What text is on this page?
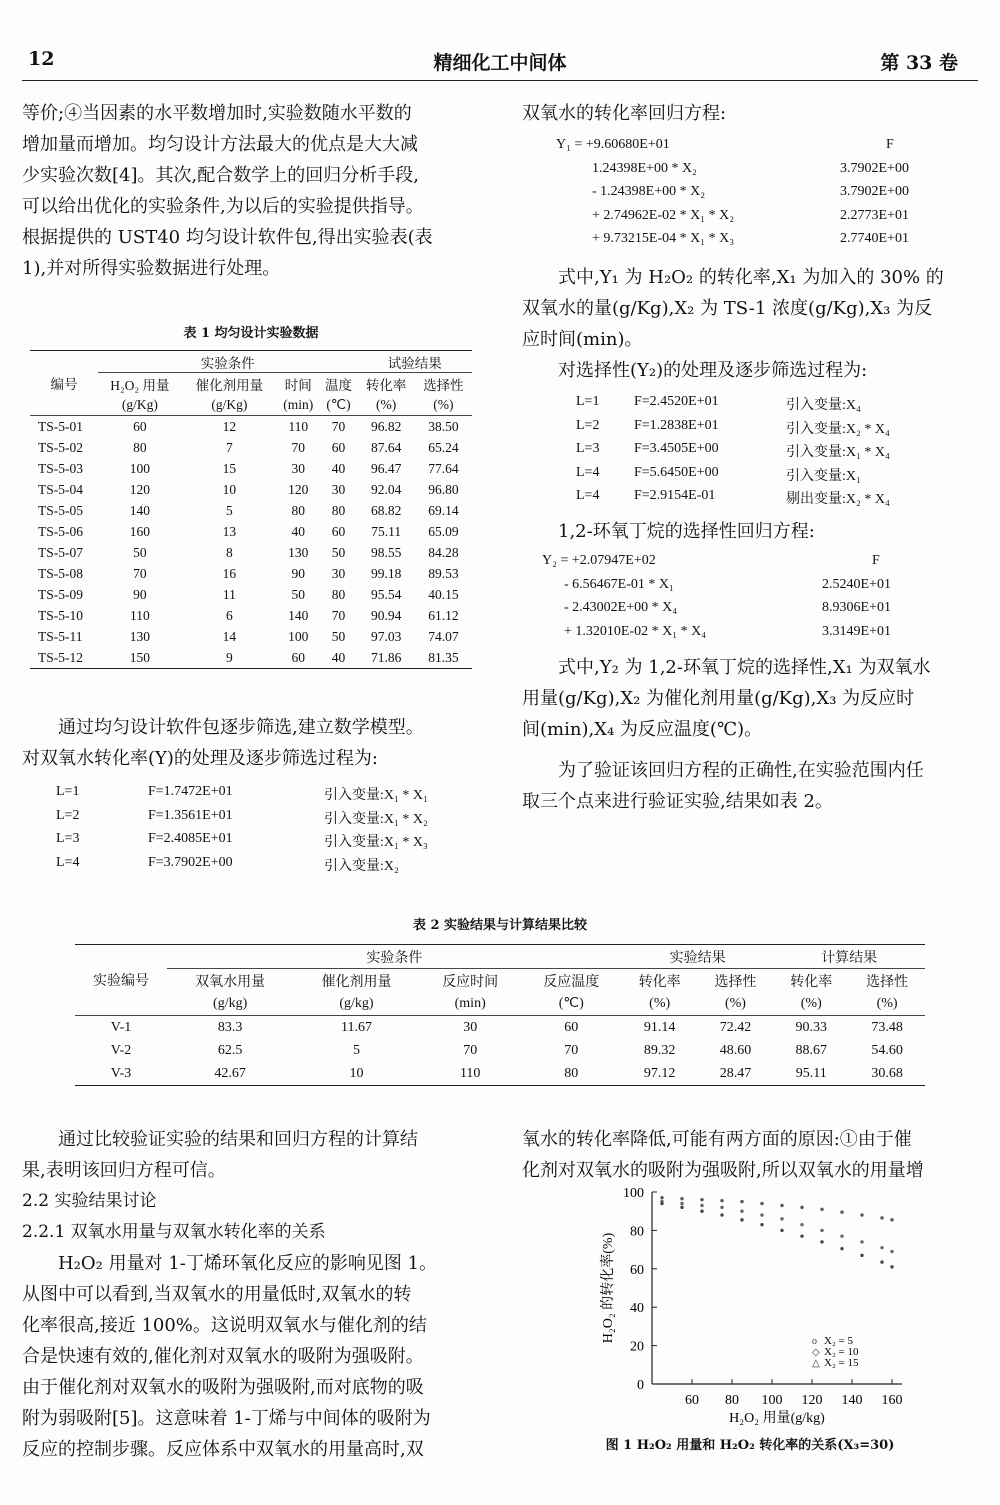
12	精细化工中间体	第 33 卷

等价;④当因素的水平数增加时,实验数随水平数的

增加量而增加。均匀设计方法最大的优点是大大减

少实验次数[4]。其次,配合数学上的回归分析手段,

可以给出优化的实验条件,为以后的实验提供指导。

根据提供的 UST40 均匀设计软件包,得出实验表(表

1),并对所得实验数据进行处理。

表 1 均匀设计实验数据
编号	实验条件				试验结果	
	H₂O₂ 用量	催化剂用量	时间	温度	转化率	选择性
	(g/Kg)	(g/Kg)	(min)	(℃)	(%)	(%)
TS-5-01	60	12	110	70	96.82	38.50
TS-5-02	80	7	70	60	87.64	65.24
TS-5-03	100	15	30	40	96.47	77.64
TS-5-04	120	10	120	30	92.04	96.80
TS-5-05	140	5	80	80	68.82	69.14
TS-5-06	160	13	40	60	75.11	65.09
TS-5-07	50	8	130	50	98.55	84.28
TS-5-08	70	16	90	30	99.18	89.53
TS-5-09	90	11	50	80	95.54	40.15
TS-5-10	110	6	140	70	90.94	61.12
TS-5-11	130	14	100	50	97.03	74.07
TS-5-12	150	9	60	40	71.86	81.35

通过均匀设计软件包逐步筛选,建立数学模型。

对双氧水转化率(Y)的处理及逐步筛选过程为:

L=1	F=1.7472E+01	引入变量:X₁ * X₁
L=2	F=1.3561E+01	引入变量:X₁ * X₂
L=3	F=2.4085E+01	引入变量:X₁ * X₃
L=4	F=3.7902E+00	引入变量:X₂

双氧水的转化率回归方程:

Y₁ = +9.60680E+01	F
1.24398E+00 * X₂	3.7902E+00
- 1.24398E+00 * X₂	3.7902E+00
+ 2.74962E-02 * X₁ * X₂	2.2773E+01
+ 9.73215E-04 * X₁ * X₃	2.7740E+01

式中,Y₁ 为 H₂O₂ 的转化率,X₁ 为加入的 30% 的

双氧水的量(g/Kg),X₂ 为 TS-1 浓度(g/Kg),X₃ 为反

应时间(min)。

对选择性(Y₂)的处理及逐步筛选过程为:

L=1 F=2.4520E+01	引入变量:X₄
L=2 F=1.2838E+01	引入变量:X₂ * X₄
L=3 F=3.4505E+00	引入变量:X₁ * X₄
L=4 F=5.6450E+00	引入变量:X₁
L=4 F=2.9154E-01	剔出变量:X₂ * X₄

1,2-环氧丁烷的选择性回归方程:

Y₂ = +2.07947E+02	F
- 6.56467E-01 * X₁	2.5240E+01
- 2.43002E+00 * X₄	8.9306E+01
+ 1.32010E-02 * X₁ * X₄	3.3149E+01

式中,Y₂ 为 1,2-环氧丁烷的选择性,X₁ 为双氧水

用量(g/Kg),X₂ 为催化剂用量(g/Kg),X₃ 为反应时

间(min),X₄ 为反应温度(℃)。

为了验证该回归方程的正确性,在实验范围内任

取三个点来进行验证实验,结果如表 2。

表 2 实验结果与计算结果比较
实验编号	实验条件				实验结果		计算结果	
	双氧水用量	催化剂用量	反应时间	反应温度	转化率	选择性	转化率	选择性
	(g/kg)	(g/kg)	(min)	(℃)	(%)	(%)	(%)	(%)
V-1	83.3	11.67	30	60	91.14	72.42	90.33	73.48
V-2	62.5	5	70	70	89.32	48.60	88.67	54.60
V-3	42.67	10	110	80	97.12	28.47	95.11	30.68

通过比较验证实验的结果和回归方程的计算结

果,表明该回归方程可信。

2.2 实验结果讨论

2.2.1 双氧水用量与双氧水转化率的关系

H₂O₂ 用量对 1-丁烯环氧化反应的影响见图 1。

从图中可以看到,当双氧水的用量低时,双氧水的转

化率很高,接近 100%。这说明双氧水与催化剂的结

合是快速有效的,催化剂对双氧水的吸附为强吸附。

由于催化剂对双氧水的吸附为强吸附,而对底物的吸

附为弱吸附[5]。这意味着 1-丁烯与中间体的吸附为

反应的控制步骤。反应体系中双氧水的用量高时,双

氧水的转化率降低,可能有两方面的原因:①由于催

化剂对双氧水的吸附为强吸附,所以双氧水的用量增

0
20
40
60
80
100
60 80 100 120 140 160
H₂O₂ 用量(g/kg)
H₂O₂ 的转化率(%)	o X₂ = 5
◇ X₂ = 10
△ X₂ = 15
图 1 H₂O₂ 用量和 H₂O₂ 转化率的关系(X₃=30)
